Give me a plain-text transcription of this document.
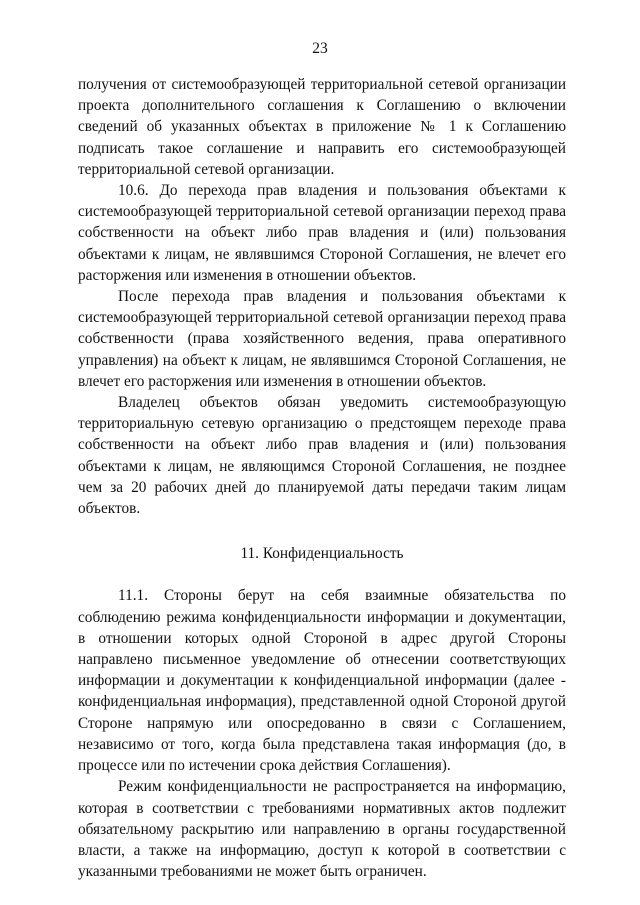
23

получения от системообразующей территориальной сетевой организации проекта дополнительного соглашения к Соглашению о включении сведений об указанных объектах в приложение № 1 к Соглашению подписать такое соглашение и направить его системообразующей территориальной сетевой организации.

10.6. До перехода прав владения и пользования объектами к системообразующей территориальной сетевой организации переход права собственности на объект либо прав владения и (или) пользования объектами к лицам, не являвшимся Стороной Соглашения, не влечет его расторжения или изменения в отношении объектов.

После перехода прав владения и пользования объектами к системообразующей территориальной сетевой организации переход права собственности (права хозяйственного ведения, права оперативного управления) на объект к лицам, не являвшимся Стороной Соглашения, не влечет его расторжения или изменения в отношении объектов.

Владелец объектов обязан уведомить системообразующую территориальную сетевую организацию о предстоящем переходе права собственности на объект либо прав владения и (или) пользования объектами к лицам, не являющимся Стороной Соглашения, не позднее чем за 20 рабочих дней до планируемой даты передачи таким лицам объектов.

11. Конфиденциальность

11.1. Стороны берут на себя взаимные обязательства по соблюдению режима конфиденциальности информации и документации, в отношении которых одной Стороной в адрес другой Стороны направлено письменное уведомление об отнесении соответствующих информации и документации к конфиденциальной информации (далее - конфиденциальная информация), представленной одной Стороной другой Стороне напрямую или опосредованно в связи с Соглашением, независимо от того, когда была представлена такая информация (до, в процессе или по истечении срока действия Соглашения).

Режим конфиденциальности не распространяется на информацию, которая в соответствии с требованиями нормативных актов подлежит обязательному раскрытию или направлению в органы государственной власти, а также на информацию, доступ к которой в соответствии с указанными требованиями не может быть ограничен.
